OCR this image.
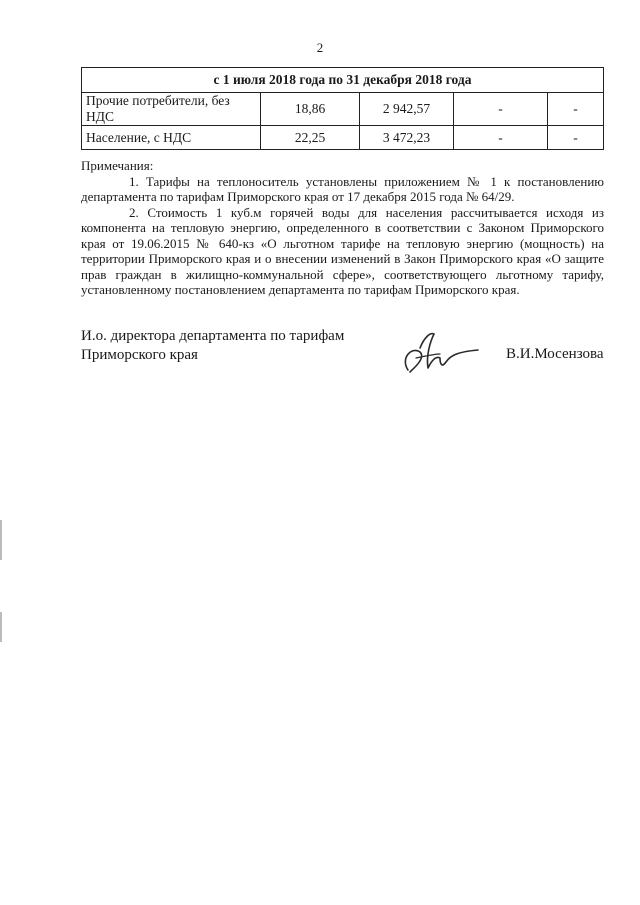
2
с 1 июля 2018 года по 31 декабря 2018 года				
Прочие потребители, без НДС	18,86	2 942,57	-	-
Население, с НДС	22,25	3 472,23	-	-

Примечания:

1. Тарифы на теплоноситель установлены приложением № 1 к постановлению департамента по тарифам Приморского края от 17 декабря 2015 года № 64/29.

2. Стоимость 1 куб.м горячей воды для населения рассчитывается исходя из компонента на тепловую энергию, определенного в соответствии с Законом Приморского края от 19.06.2015 № 640-кз «О льготном тарифе на тепловую энергию (мощность) на территории Приморского края и о внесении изменений в Закон Приморского края «О защите прав граждан в жилищно-коммунальной сфере», соответствующего льготному тарифу, установленному постановлением департамента по тарифам Приморского края.

И.о. директора департамента по тарифам
Приморского края	В.И.Мосензова
